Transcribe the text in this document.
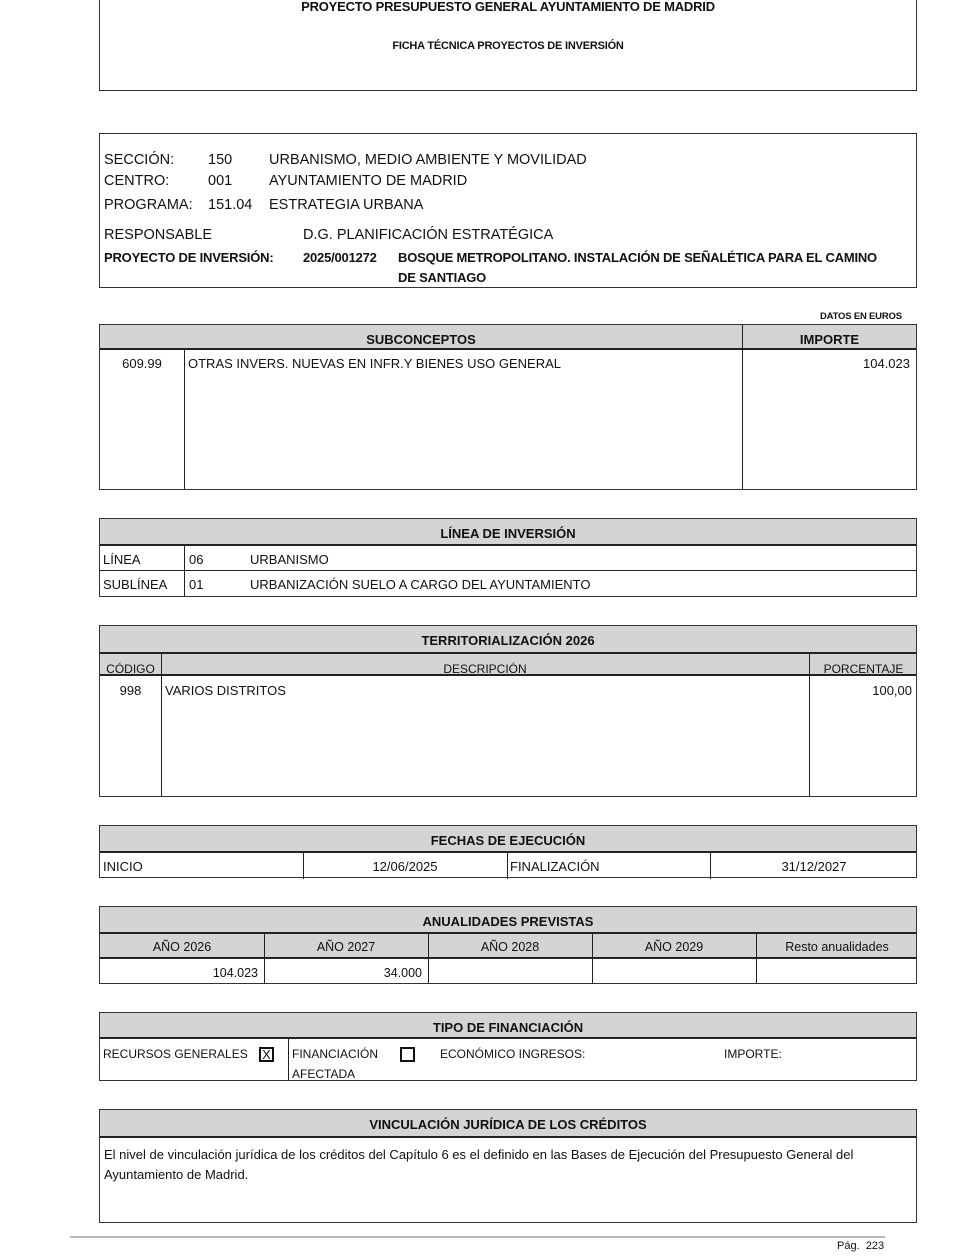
PROYECTO PRESUPUESTO GENERAL AYUNTAMIENTO DE MADRID
FICHA TÉCNICA PROYECTOS DE INVERSIÓN
SECCIÓN: 150	URBANISMO, MEDIO AMBIENTE Y MOVILIDAD
CENTRO:	001	AYUNTAMIENTO DE MADRID
PROGRAMA: 151.04 ESTRATEGIA URBANA
RESPONSABLE	D.G. PLANIFICACIÓN ESTRATÉGICA
PROYECTO DE INVERSIÓN: 2025/001272 BOSQUE METROPOLITANO. INSTALACIÓN DE SEÑALÉTICA PARA EL CAMINO
DE SANTIAGO
DATOS EN EUROS
SUBCONCEPTOS	IMPORTE
609.99	OTRAS INVERS. NUEVAS EN INFR.Y BIENES USO GENERAL	104.023
LÍNEA DE INVERSIÓN
LÍNEA	06	URBANISMO
SUBLÍNEA 01	URBANIZACIÓN SUELO A CARGO DEL AYUNTAMIENTO
TERRITORIALIZACIÓN 2026
CÓDIGO	DESCRIPCIÓN	PORCENTAJE
998	VARIOS DISTRITOS	100,00
FECHAS DE EJECUCIÓN
INICIO	12/06/2025	FINALIZACIÓN	31/12/2027
ANUALIDADES PREVISTAS
AÑO 2026	AÑO 2027	AÑO 2028	AÑO 2029	Resto anualidades
104.023	34.000
TIPO DE FINANCIACIÓN
RECURSOS GENERALES X FINANCIACIÓN
AFECTADA
ECONÓMICO INGRESOS:	IMPORTE:
VINCULACIÓN JURÍDICA DE LOS CRÉDITOS
El nivel de vinculación jurídica de los créditos del Capítulo 6 es el definido en las Bases de Ejecución del Presupuesto General del
Ayuntamiento de Madrid.
Pág.  223
